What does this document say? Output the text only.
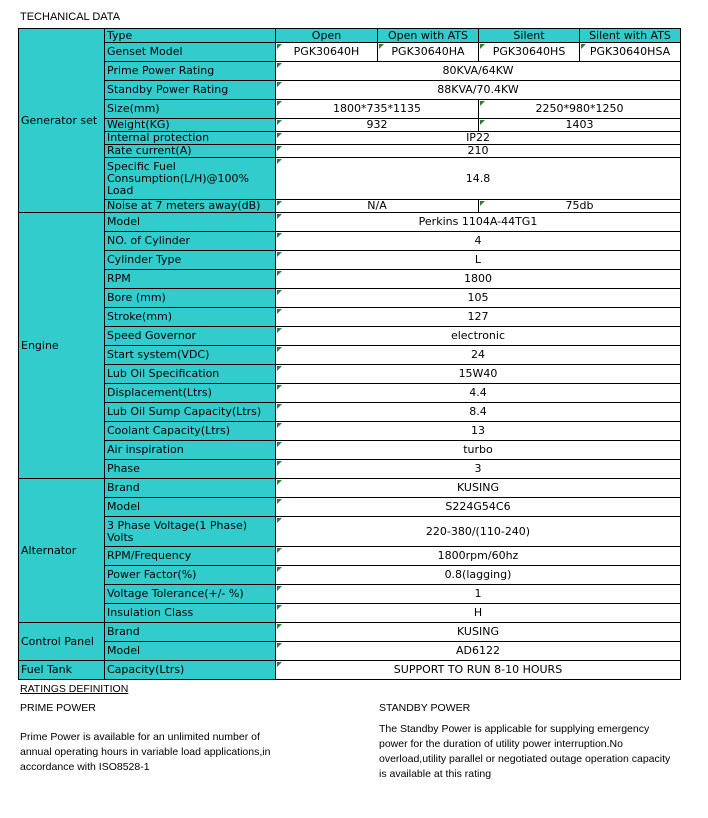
TECHANICAL DATA
Generator set	Type	Open	Open with ATS	Silent	Silent with ATS
	Genset Model	PGK30640H	PGK30640HA	PGK30640HS	PGK30640HSA

	Prime Power Rating	80KVA/64KW			

	Standby Power Rating	88KVA/70.4KW			

	Size(mm)	1800*735*1135		2250*980*1250	

	Weight(KG)	932		1403	

	Internal protection	IP22			

	Rate current(A)	210			

	Specific Fuel Consumption(L/H)@100% Load	14.8			

	Noise at 7 meters away(dB)	N/A		75db	

Engine	Model	Perkins 1104A-44TG1			

	NO. of Cylinder	4			

	Cylinder Type	L			

	RPM	1800			

	Bore (mm)	105			

	Stroke(mm)	127			

	Speed Governor	electronic			

	Start system(VDC)	24			

	Lub Oil Specification	15W40			

	Displacement(Ltrs)	4.4			

	Lub Oil Sump Capacity(Ltrs)	8.4			

	Coolant Capacity(Ltrs)	13			

	Air inspiration	turbo			

	Phase	3			

Alternator	Brand	KUSING			

	Model	S224G54C6			

	3 Phase Voltage(1 Phase) Volts	220-380/(110-240)			

	RPM/Frequency	1800rpm/60hz			

	Power Factor(%)	0.8(lagging)			

	Voltage Tolerance(+/- %)	1			

	Insulation Class	H			

Control Panel	Brand	KUSING			

	Model	AD6122			

Fuel Tank	Capacity(Ltrs)	SUPPORT TO RUN 8-10 HOURS			
RATINGS DEFINITION
PRIME POWER
Prime Power is available for an unlimited number of annual operating hours in variable load applications,in accordance with ISO8528-1
STANDBY POWER
The Standby Power is applicable for supplying emergency power for the duration of utility power interruption.No overload,utility parallel or negotiated outage operation capacity is available at this rating
